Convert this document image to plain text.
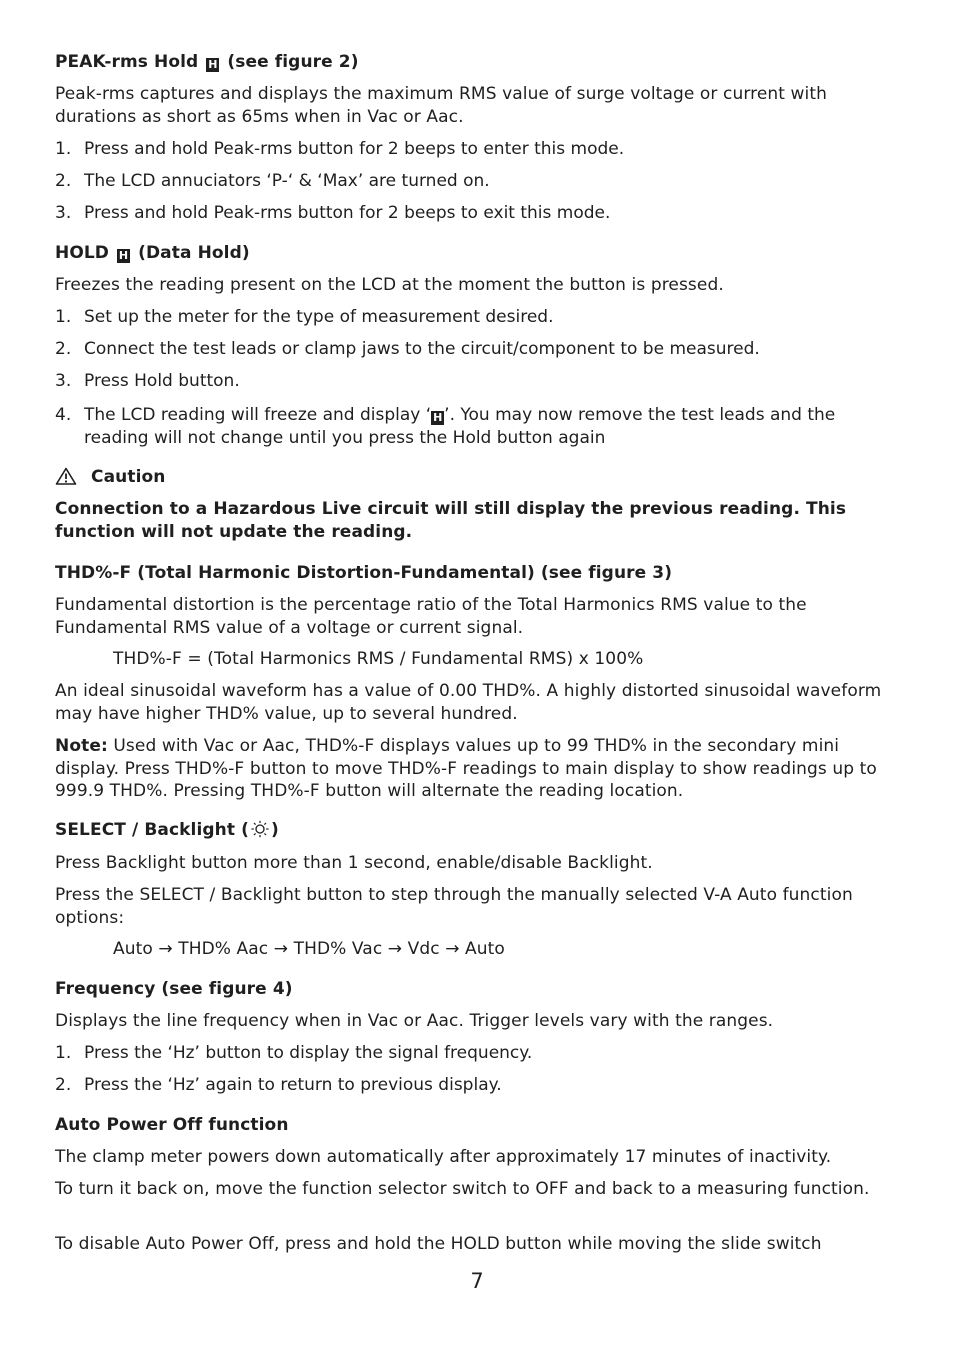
PEAK-rms Hold H (see figure 2)
Peak-rms captures and displays the maximum RMS value of surge voltage or current with durations as short as 65ms when in Vac or Aac.
1. Press and hold Peak-rms button for 2 beeps to enter this mode.
2. The LCD annuciators ‘P-‘ & ‘Max’ are turned on.
3. Press and hold Peak-rms button for 2 beeps to exit this mode.
HOLD H (Data Hold)
Freezes the reading present on the LCD at the moment the button is pressed.
1. Set up the meter for the type of measurement desired.
2. Connect the test leads or clamp jaws to the circuit/component to be measured.
3. Press Hold button.
4. The LCD reading will freeze and display ‘ H ’. You may now remove the test leads and the reading will not change until you press the Hold button again
Caution
Connection to a Hazardous Live circuit will still display the previous reading. This function will not update the reading.
THD%-F (Total Harmonic Distortion-Fundamental) (see figure 3)
Fundamental distortion is the percentage ratio of the Total Harmonics RMS value to the Fundamental RMS value of a voltage or current signal.
THD%-F = (Total Harmonics RMS / Fundamental RMS) x 100%
An ideal sinusoidal waveform has a value of 0.00 THD%. A highly distorted sinusoidal waveform may have higher THD% value, up to several hundred.
Note: Used with Vac or Aac, THD%-F displays values up to 99 THD% in the secondary mini display. Press THD%-F button to move THD%-F readings to main display to show readings up to 999.9 THD%. Pressing THD%-F button will alternate the reading location.
SELECT / Backlight ( )
Press Backlight button more than 1 second, enable/disable Backlight.
Press the SELECT / Backlight button to step through the manually selected V-A Auto function options:
Auto → THD% Aac → THD% Vac → Vdc → Auto
Frequency (see figure 4)
Displays the line frequency when in Vac or Aac. Trigger levels vary with the ranges.
1. Press the ‘Hz’ button to display the signal frequency.
2. Press the ‘Hz’ again to return to previous display.
Auto Power Off function
The clamp meter powers down automatically after approximately 17 minutes of inactivity.
To turn it back on, move the function selector switch to OFF and back to a measuring function.
To disable Auto Power Off, press and hold the HOLD button while moving the slide switch
7
